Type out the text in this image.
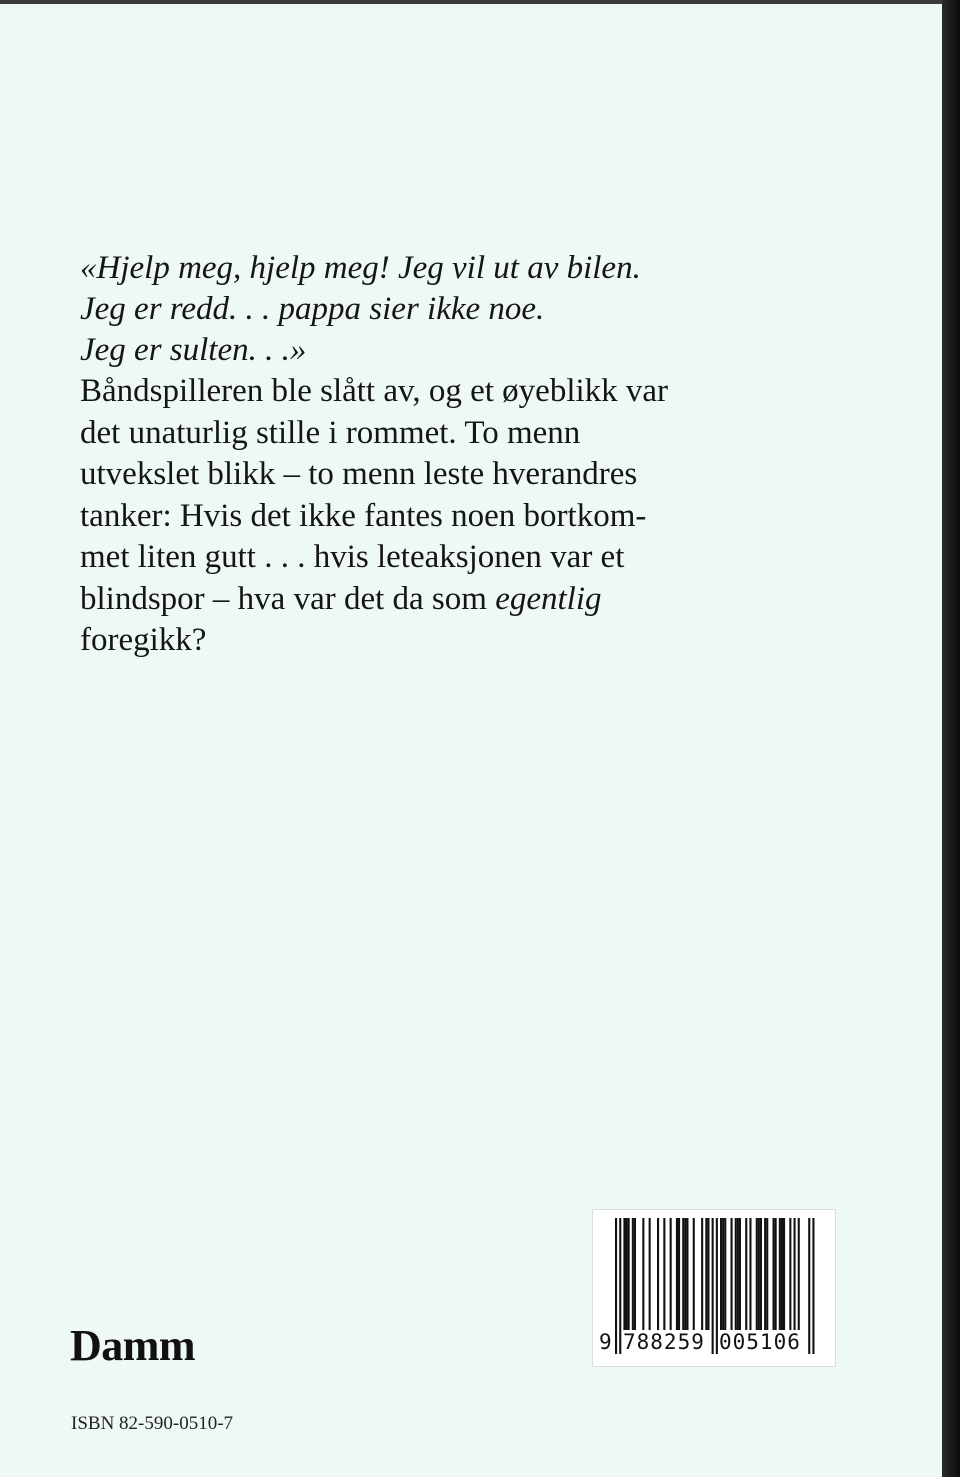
«Hjelp meg, hjelp meg! Jeg vil ut av bilen.
Jeg er redd. . . pappa sier ikke noe.
Jeg er sulten. . .»

Båndspilleren ble slått av, og et øyeblikk var
det unaturlig stille i rommet. To menn
utvekslet blikk – to menn leste hverandres
tanker: Hvis det ikke fantes noen bortkom-
met liten gutt . . . hvis leteaksjonen var et
blindspor – hva var det da som egentlig
foregikk?

Damm
ISBN 82-590-0510-7
9 788259 005106
